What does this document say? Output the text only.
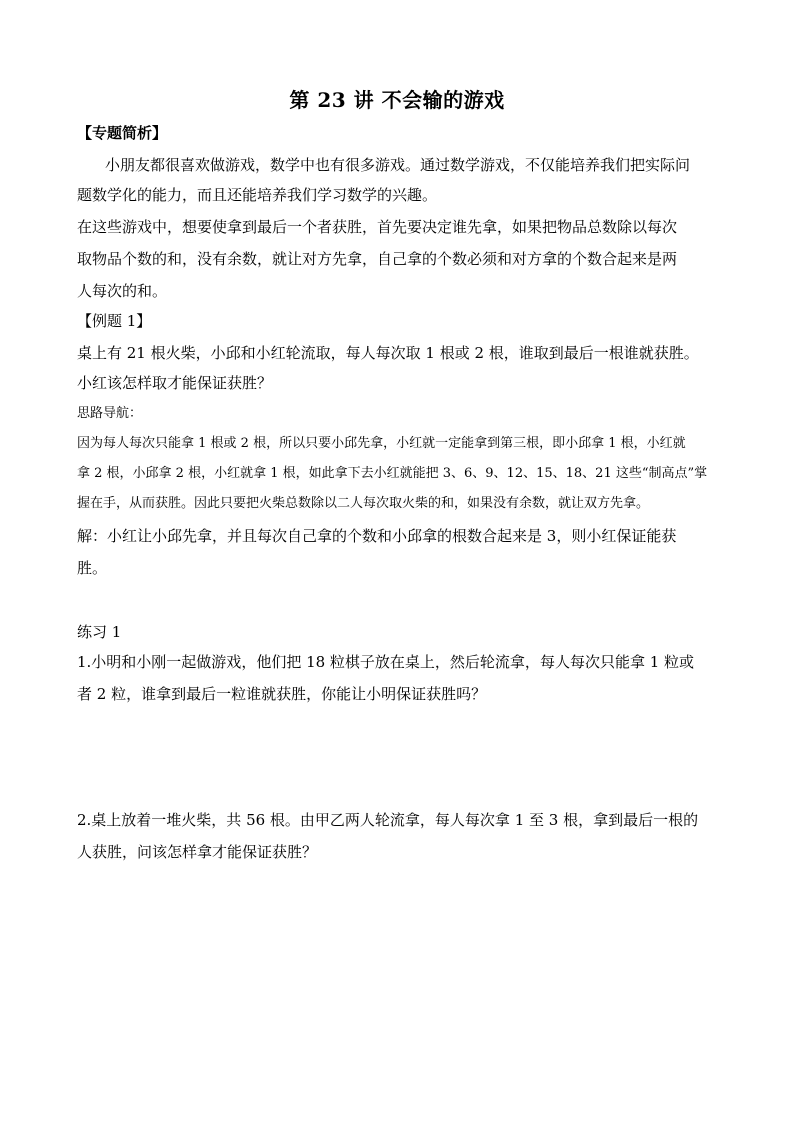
第 23 讲 不会输的游戏
【专题简析】
小朋友都很喜欢做游戏，数学中也有很多游戏。通过数学游戏，不仅能培养我们把实际问
题数学化的能力，而且还能培养我们学习数学的兴趣。
在这些游戏中，想要使拿到最后一个者获胜，首先要决定谁先拿，如果把物品总数除以每次
取物品个数的和，没有余数，就让对方先拿，自己拿的个数必须和对方拿的个数合起来是两
人每次的和。
【例题 1】
桌上有 21 根火柴，小邱和小红轮流取，每人每次取 1 根或 2 根，谁取到最后一根谁就获胜。
小红该怎样取才能保证获胜？
思路导航：
因为每人每次只能拿 1 根或 2 根，所以只要小邱先拿，小红就一定能拿到第三根，即小邱拿 1 根，小红就
拿 2 根，小邱拿 2 根，小红就拿 1 根，如此拿下去小红就能把 3、6、9、12、15、18、21 这些“制高点”掌
握在手，从而获胜。因此只要把火柴总数除以二人每次取火柴的和，如果没有余数，就让双方先拿。
解：小红让小邱先拿，并且每次自己拿的个数和小邱拿的根数合起来是 3，则小红保证能获
胜。
练习 1
1.小明和小刚一起做游戏，他们把 18 粒棋子放在桌上，然后轮流拿，每人每次只能拿 1 粒或
者 2 粒，谁拿到最后一粒谁就获胜，你能让小明保证获胜吗？
2.桌上放着一堆火柴，共 56 根。由甲乙两人轮流拿，每人每次拿 1 至 3 根，拿到最后一根的
人获胜，问该怎样拿才能保证获胜？
